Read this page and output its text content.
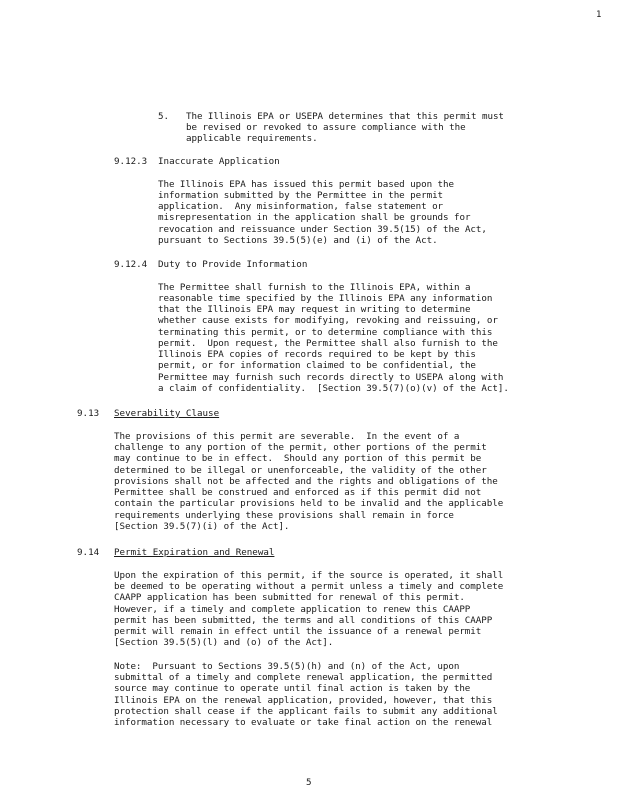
1
5. The Illinois EPA or USEPA determines that this permit must
be revised or revoked to assure compliance with the
applicable requirements.
9.12.3 Inaccurate Application
The Illinois EPA has issued this permit based upon the
information submitted by the Permittee in the permit
application.  Any misinformation, false statement or
misrepresentation in the application shall be grounds for
revocation and reissuance under Section 39.5(15) of the Act,
pursuant to Sections 39.5(5)(e) and (i) of the Act.
9.12.4 Duty to Provide Information
The Permittee shall furnish to the Illinois EPA, within a
reasonable time specified by the Illinois EPA any information
that the Illinois EPA may request in writing to determine
whether cause exists for modifying, revoking and reissuing, or
terminating this permit, or to determine compliance with this
permit.  Upon request, the Permittee shall also furnish to the
Illinois EPA copies of records required to be kept by this
permit, or for information claimed to be confidential, the
Permittee may furnish such records directly to USEPA along with
a claim of confidentiality.  [Section 39.5(7)(o)(v) of the Act].
9.13 Severability Clause
The provisions of this permit are severable.  In the event of a
challenge to any portion of the permit, other portions of the permit
may continue to be in effect.  Should any portion of this permit be
determined to be illegal or unenforceable, the validity of the other
provisions shall not be affected and the rights and obligations of the
Permittee shall be construed and enforced as if this permit did not
contain the particular provisions held to be invalid and the applicable
requirements underlying these provisions shall remain in force
[Section 39.5(7)(i) of the Act].
9.14 Permit Expiration and Renewal
Upon the expiration of this permit, if the source is operated, it shall
be deemed to be operating without a permit unless a timely and complete
CAAPP application has been submitted for renewal of this permit.
However, if a timely and complete application to renew this CAAPP
permit has been submitted, the terms and all conditions of this CAAPP
permit will remain in effect until the issuance of a renewal permit
[Section 39.5(5)(l) and (o) of the Act].
Note:  Pursuant to Sections 39.5(5)(h) and (n) of the Act, upon
submittal of a timely and complete renewal application, the permitted
source may continue to operate until final action is taken by the
Illinois EPA on the renewal application, provided, however, that this
protection shall cease if the applicant fails to submit any additional
information necessary to evaluate or take final action on the renewal
5
